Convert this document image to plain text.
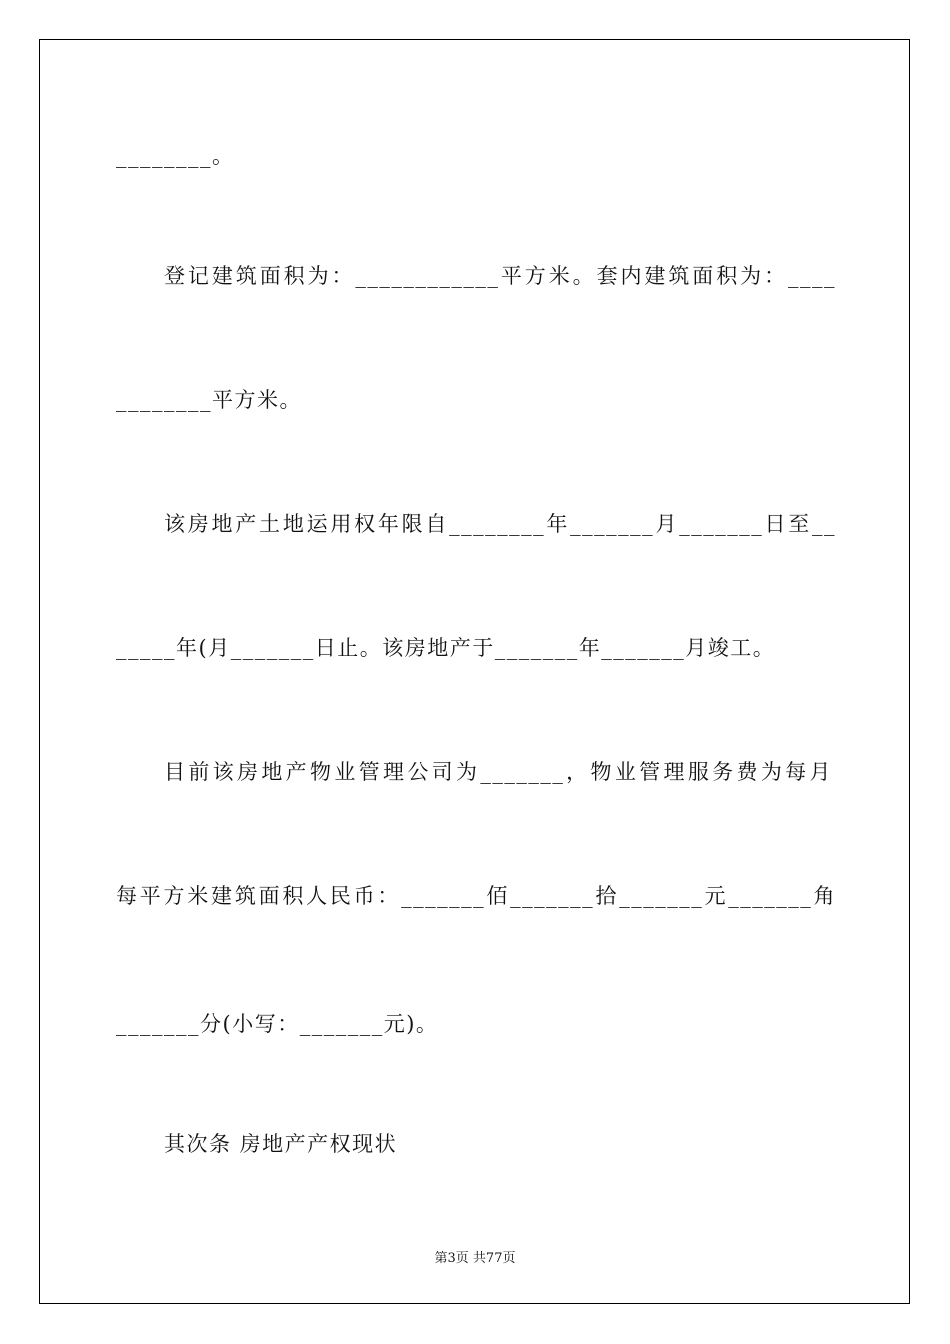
________。

登记建筑面积为：____________平方米。套内建筑面积为：____

________平方米。

该房地产土地运用权年限自________年_______月_______日至__

_____年(月_______日止。该房地产于_______年_______月竣工。

目前该房地产物业管理公司为_______，物业管理服务费为每月

每平方米建筑面积人民币：_______佰_______拾_______元_______角

_______分(小写：_______元)。

其次条 房地产产权现状

第3页 共77页
